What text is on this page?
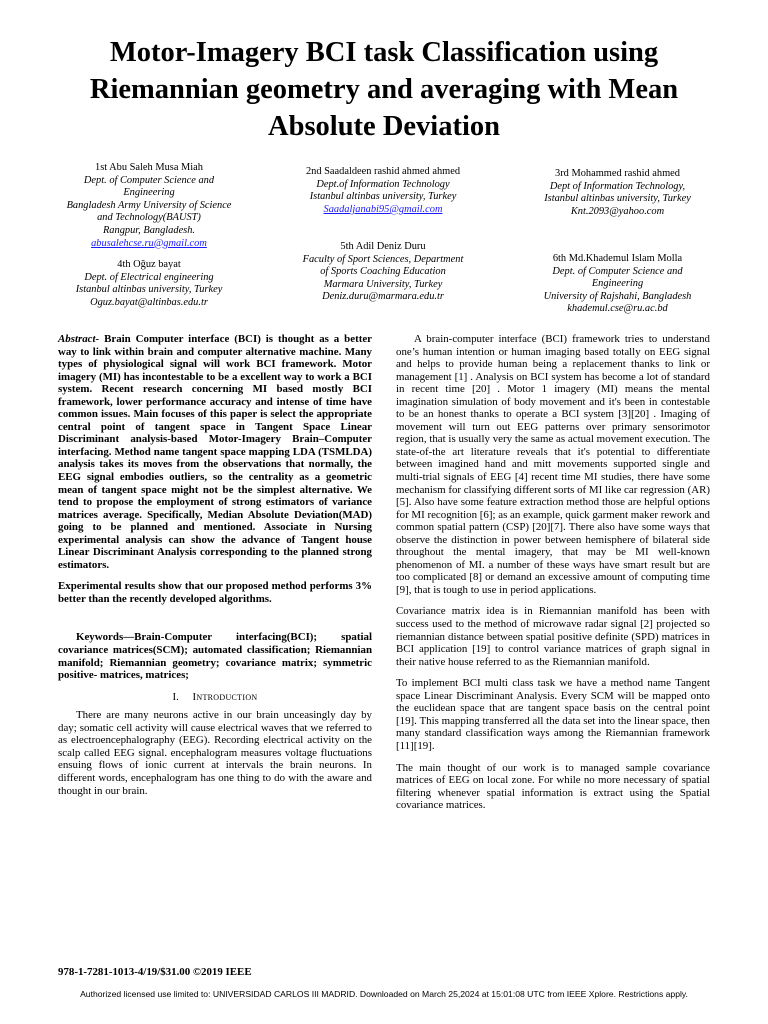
Motor-Imagery BCI task Classification using Riemannian geometry and averaging with Mean Absolute Deviation
1st Abu Saleh Musa Miah
Dept. of Computer Science and
Engineering
Bangladesh Army University of Science
and Technology(BAUST)
Rangpur, Bangladesh.
abusalehcse.ru@gmail.com
2nd Saadaldeen rashid ahmed ahmed
Dept.of Information Technology
Istanbul altinbas university, Turkey
Saadaljanabi95@gmail.com
3rd Mohammed rashid ahmed
Dept of Information Technology,
Istanbul altinbas university, Turkey
Knt.2093@yahoo.com
4th Oğuz bayat
Dept. of Electrical engineering
Istanbul altinbas university, Turkey
Oguz.bayat@altinbas.edu.tr
5th Adil Deniz Duru
Faculty of Sport Sciences, Department
of Sports Coaching Education
Marmara University, Turkey
Deniz.duru@marmara.edu.tr
6th Md.Khademul Islam Molla
Dept. of Computer Science and
Engineering
University of Rajshahi, Bangladesh
khademul.cse@ru.ac.bd

Abstract- Brain Computer interface (BCI) is thought as a better way to link within brain and computer alternative machine. Many types of physiological signal will work BCI framework. Motor imagery (MI) has incontestable to be a excellent way to work a BCI system. Recent research concerning MI based mostly BCI framework, lower performance accuracy and intense of time have common issues. Main focuses of this paper is select the appropriate central point of tangent space in Tangent Space Linear Discriminant analysis-based Motor-Imagery Brain–Computer interfacing. Method name tangent space mapping LDA (TSMLDA) analysis takes its moves from the observations that normally, the EEG signal embodies outliers, so the centrality as a geometric mean of tangent space might not be the simplest alternative. We tend to propose the employment of strong estimators of variance matrices average. Specifically, Median Absolute Deviation(MAD) going to be planned and mentioned. Associate in Nursing experimental analysis can show the advance of Tangent house Linear Discriminant Analysis corresponding to the planned strong estimators.

Experimental results show that our proposed method performs 3% better than the recently developed algorithms.

Keywords—Brain-Computer interfacing(BCI); spatial covariance matrices(SCM); automated classification; Riemannian manifold; Riemannian geometry; covariance matrix; symmetric positive- matrices, matrices;

I. Introduction

There are many neurons active in our brain unceasingly day by day; somatic cell activity will cause electrical waves that we referred to as electroencephalography (EEG). Recording electrical activity on the scalp called EEG signal. encephalogram measures voltage fluctuations ensuing flows of ionic current at intervals the brain neurons. In different words, encephalogram has one thing to do with the aware and thought in our brain.

A brain-computer interface (BCI) framework tries to understand one’s human intention or human imaging based totally on EEG signal and helps to provide human being a replacement thanks to link or management [1] . Analysis on BCI system has become a lot of standard in recent time [20] . Motor 1 imagery (MI) means the mental imagination simulation of body movement and it's been in contestable to be an honest thanks to operate a BCI system [3][20] . Imaging of movement will turn out EEG patterns over primary sensorimotor region, that is usually very the same as actual movement execution. The state-of-the art literature reveals that it's potential to differentiate between imagined hand and mitt movements supported single and multi-trial signals of EEG [4] recent time MI studies, there have some mechanism for classifying different sorts of MI like car regression (AR) [5]. Also have some feature extraction method those are helpful options for MI recognition [6]; as an example, quick garment maker rework and common spatial pattern (CSP) [20][7]. There also have some ways that observe the distinction in power between hemisphere of bilateral side throughout the mental imagery, that may be MI well-known phenomenon of MI. a number of these ways have smart result but are too complicated [8] or demand an excessive amount of computing time [9], that is tough to use in period applications.

Covariance matrix idea is in Riemannian manifold has been with success used to the method of microwave radar signal [2] projected so riemannian distance between spatial positive definite (SPD) matrices in BCI application [19] to control variance matrices of graph signal in their native house referred to as the Riemannian manifold.

To implement BCI multi class task we have a method name Tangent space Linear Discriminant Analysis. Every SCM will be mapped onto the euclidean space that are tangent space basis on the central point [19]. This mapping transferred all the data set into the linear space, then many standard classification ways among the Riemannian framework [11][19].

The main thought of our work is to managed sample covariance matrices of EEG on local zone. For while no more necessary of spatial filtering whenever spatial information is extract using the Spatial covariance matrices.

978-1-7281-1013-4/19/$31.00 ©2019 IEEE
Authorized licensed use limited to: UNIVERSIDAD CARLOS III MADRID. Downloaded on March 25,2024 at 15:01:08 UTC from IEEE Xplore. Restrictions apply.
